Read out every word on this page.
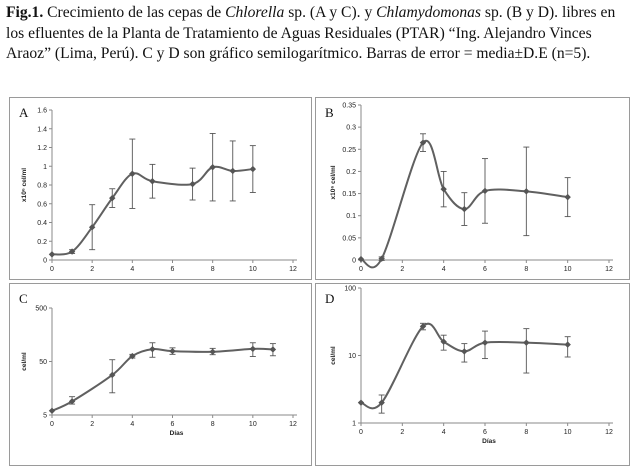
Fig.1. Crecimiento de las cepas de Chlorella sp. (A y C). y Chlamydomonas sp. (B y D). libres en los efluentes de la Planta de Tratamiento de Aguas Residuales (PTAR) “Ing. Alejandro Vinces Araoz” (Lima, Perú). C y D son gráfico semilogarítmico. Barras de error = media±D.E (n=5).
0
0.2
0.4
0.6
0.8
1
1.2
1.4
1.6
0	2	4	6	8	10	12
x10⁶ cel/ml
A
0
0.05
0.1
0.15
0.2
0.25
0.3
0.35
0	2	4	6	8	10	12
x10⁶ cel/ml
B
5
50
500
0	2	4	6	8	10	12
cel/ml
Días
C
1
10
100
0	2	4	6	8	10	12
cel/ml
Días
D
